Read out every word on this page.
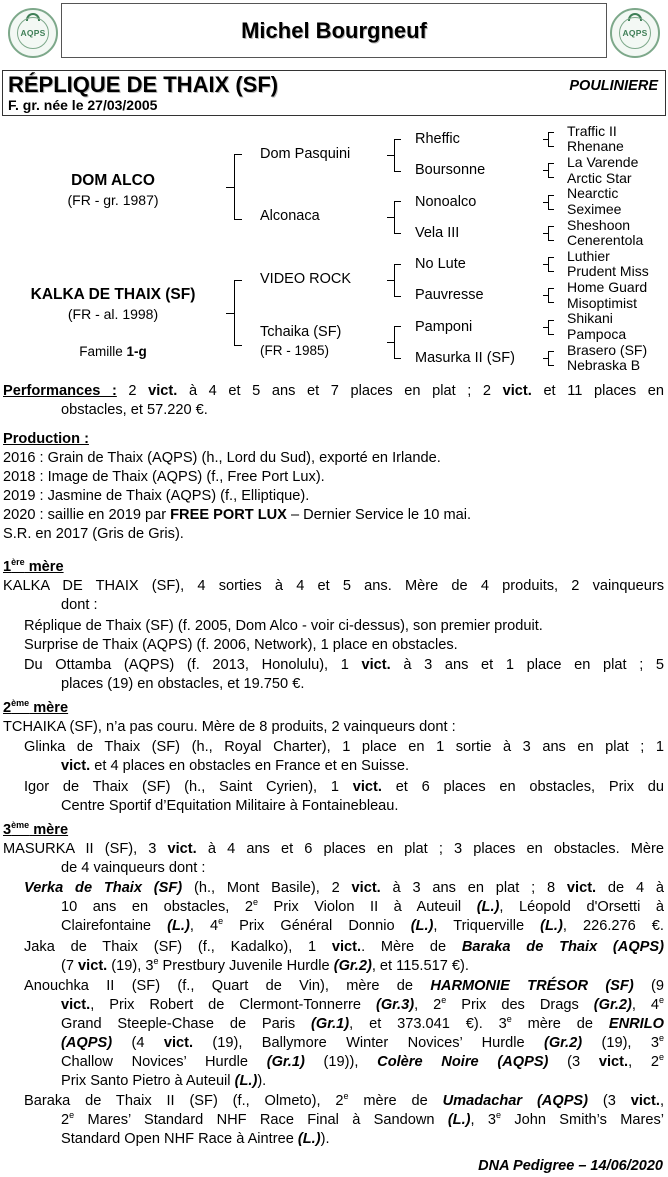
AQPS	Michel Bourgneuf	AQPS
RÉPLIQUE DE THAIX (SF)
F. gr. née le 27/03/2005
POULINIERE
DOM ALCO
(FR - gr. 1987)
KALKA DE THAIX (SF)
(FR - al. 1998)
Famille 1-g
Dom Pasquini
Alconaca
VIDEO ROCK
Tchaika (SF)
(FR - 1985)
Rheffic
Boursonne
Nonoalco
Vela III
No Lute
Pauvresse
Pamponi
Masurka II (SF)
Traffic II
Rhenane
La Varende
Arctic Star
Nearctic
Seximee
Sheshoon
Cenerentola
Luthier
Prudent Miss
Home Guard
Misoptimist
Shikani
Pampoca
Brasero (SF)
Nebraska B
Performances : 2 vict. à 4 et 5 ans et 7 places en plat ; 2 vict. et 11 places en
obstacles, et 57.220 €.
Production :
2016 : Grain de Thaix (AQPS) (h., Lord du Sud), exporté en Irlande.
2018 : Image de Thaix (AQPS) (f., Free Port Lux).
2019 : Jasmine de Thaix (AQPS) (f., Elliptique).
2020 : saillie en 2019 par FREE PORT LUX – Dernier Service le 10 mai.
S.R. en 2017 (Gris de Gris).
1ère mère
KALKA DE THAIX (SF), 4 sorties à 4 et 5 ans. Mère de 4 produits, 2 vainqueurs
dont :
Réplique de Thaix (SF) (f. 2005, Dom Alco - voir ci-dessus), son premier produit.
Surprise de Thaix (AQPS) (f. 2006, Network), 1 place en obstacles.
Du Ottamba (AQPS) (f. 2013, Honolulu), 1 vict. à 3 ans et 1 place en plat ; 5
places (19) en obstacles, et 19.750 €.
2ème mère
TCHAIKA (SF), n’a pas couru. Mère de 8 produits, 2 vainqueurs dont :
Glinka de Thaix (SF) (h., Royal Charter), 1 place en 1 sortie à 3 ans en plat ; 1
vict. et 4 places en obstacles en France et en Suisse.
Igor de Thaix (SF) (h., Saint Cyrien), 1 vict. et 6 places en obstacles, Prix du
Centre Sportif d’Equitation Militaire à Fontainebleau.
3ème mère
MASURKA II (SF), 3 vict. à 4 ans et 6 places en plat ; 3 places en obstacles. Mère
de 4 vainqueurs dont :
Verka de Thaix (SF) (h., Mont Basile), 2 vict. à 3 ans en plat ; 8 vict. de 4 à
10 ans en obstacles, 2e Prix Violon II à Auteuil (L.), Léopold d'Orsetti à
Clairefontaine (L.), 4e Prix Général Donnio (L.), Triquerville (L.), 226.276 €.
Jaka de Thaix (SF) (f., Kadalko), 1 vict.. Mère de Baraka de Thaix (AQPS)
(7 vict. (19), 3e Prestbury Juvenile Hurdle (Gr.2), et 115.517 €).
Anouchka II (SF) (f., Quart de Vin), mère de HARMONIE TRÉSOR (SF) (9
vict., Prix Robert de Clermont-Tonnerre (Gr.3), 2e Prix des Drags (Gr.2), 4e
Grand Steeple-Chase de Paris (Gr.1), et 373.041 €). 3e mère de ENRILO
(AQPS) (4 vict. (19), Ballymore Winter Novices’ Hurdle (Gr.2) (19), 3e
Challow Novices’ Hurdle (Gr.1) (19)), Colère Noire (AQPS) (3 vict., 2e
Prix Santo Pietro à Auteuil (L.)).
Baraka de Thaix II (SF) (f., Olmeto), 2e mère de Umadachar (AQPS) (3 vict.,
2e Mares’ Standard NHF Race Final à Sandown (L.), 3e John Smith’s Mares’
Standard Open NHF Race à Aintree (L.)).
DNA Pedigree – 14/06/2020
